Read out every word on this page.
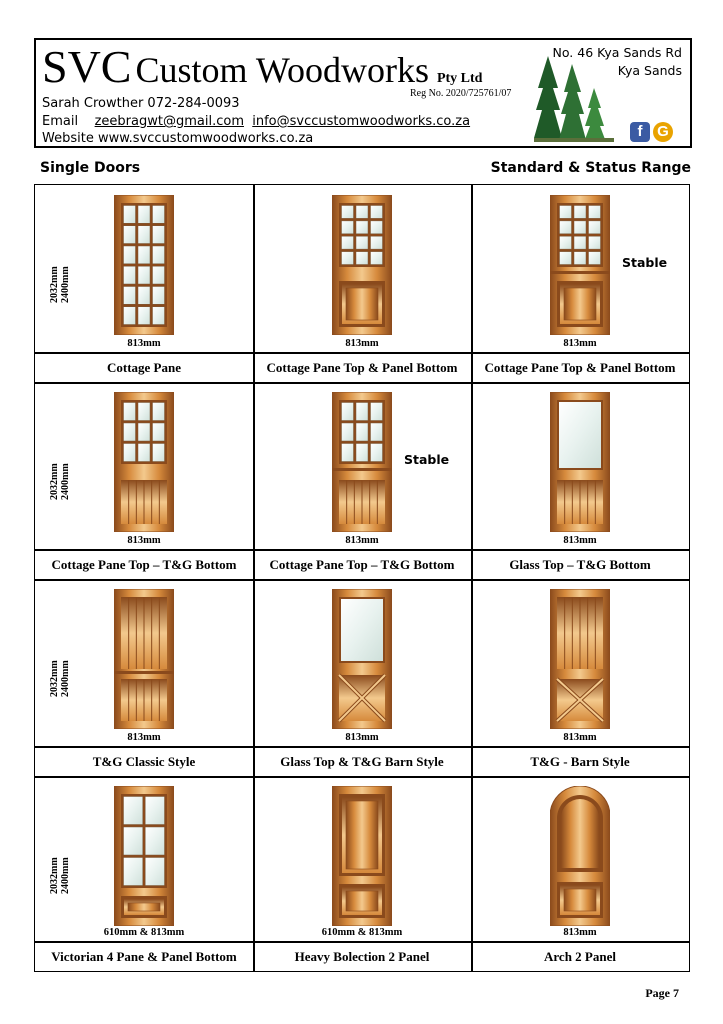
SVC Custom Woodworks Pty Ltd
Reg No. 2020/725761/07
Sarah Crowther 072-284-0093
Email zeebragwt@gmail.com info@svccustomwoodworks.co.za
Website www.svccustomwoodworks.co.za
No. 46 Kya Sands Rd
Kya Sands
f G
Single Doors	Standard & Status Range
813mm
Cottage Pane
2032mm 2400mm
813mm
Cottage Pane Top & Panel Bottom
813mm
Cottage Pane Top & Panel Bottom
Stable
813mm
Cottage Pane Top – T&G Bottom
2032mm 2400mm
813mm
Cottage Pane Top – T&G Bottom
Stable
813mm
Glass Top – T&G Bottom
813mm
T&G Classic Style
2032mm 2400mm
813mm
Glass Top & T&G Barn Style
813mm
T&G - Barn Style
610mm & 813mm
Victorian 4 Pane & Panel Bottom
2032mm 2400mm
610mm & 813mm
Heavy Bolection 2 Panel
813mm
Arch 2 Panel
Page 7
